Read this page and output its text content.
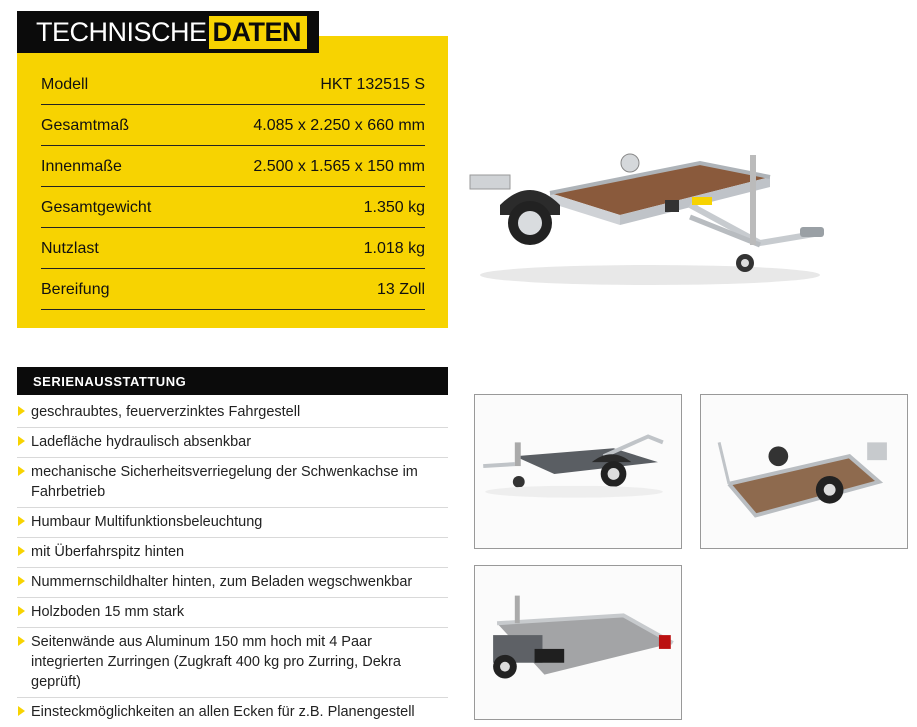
Modell	HKT 132515 S
Gesamtmaß	4.085 x 2.250 x 660 mm
Innenmaße	2.500 x 1.565 x 150 mm
Gesamtgewicht	1.350 kg
Nutzlast	1.018 kg
Bereifung	13 Zoll
TECHNISCHE DATEN
SERIENAUSSTATTUNG
geschraubtes, feuerverzinktes Fahrgestell
Ladefläche hydraulisch absenkbar
mechanische Sicherheitsverriegelung der Schwenkachse im Fahrbetrieb
Humbaur Multifunktionsbeleuchtung
mit Überfahrspitz hinten
Nummernschildhalter hinten, zum Beladen wegschwenkbar
Holzboden 15 mm stark
Seitenwände aus Aluminum 150 mm hoch mit 4 Paar integrierten Zurringen (Zugkraft 400 kg pro Zurring, Dekra geprüft)
Einsteckmöglichkeiten an allen Ecken für z.B. Planengestell
